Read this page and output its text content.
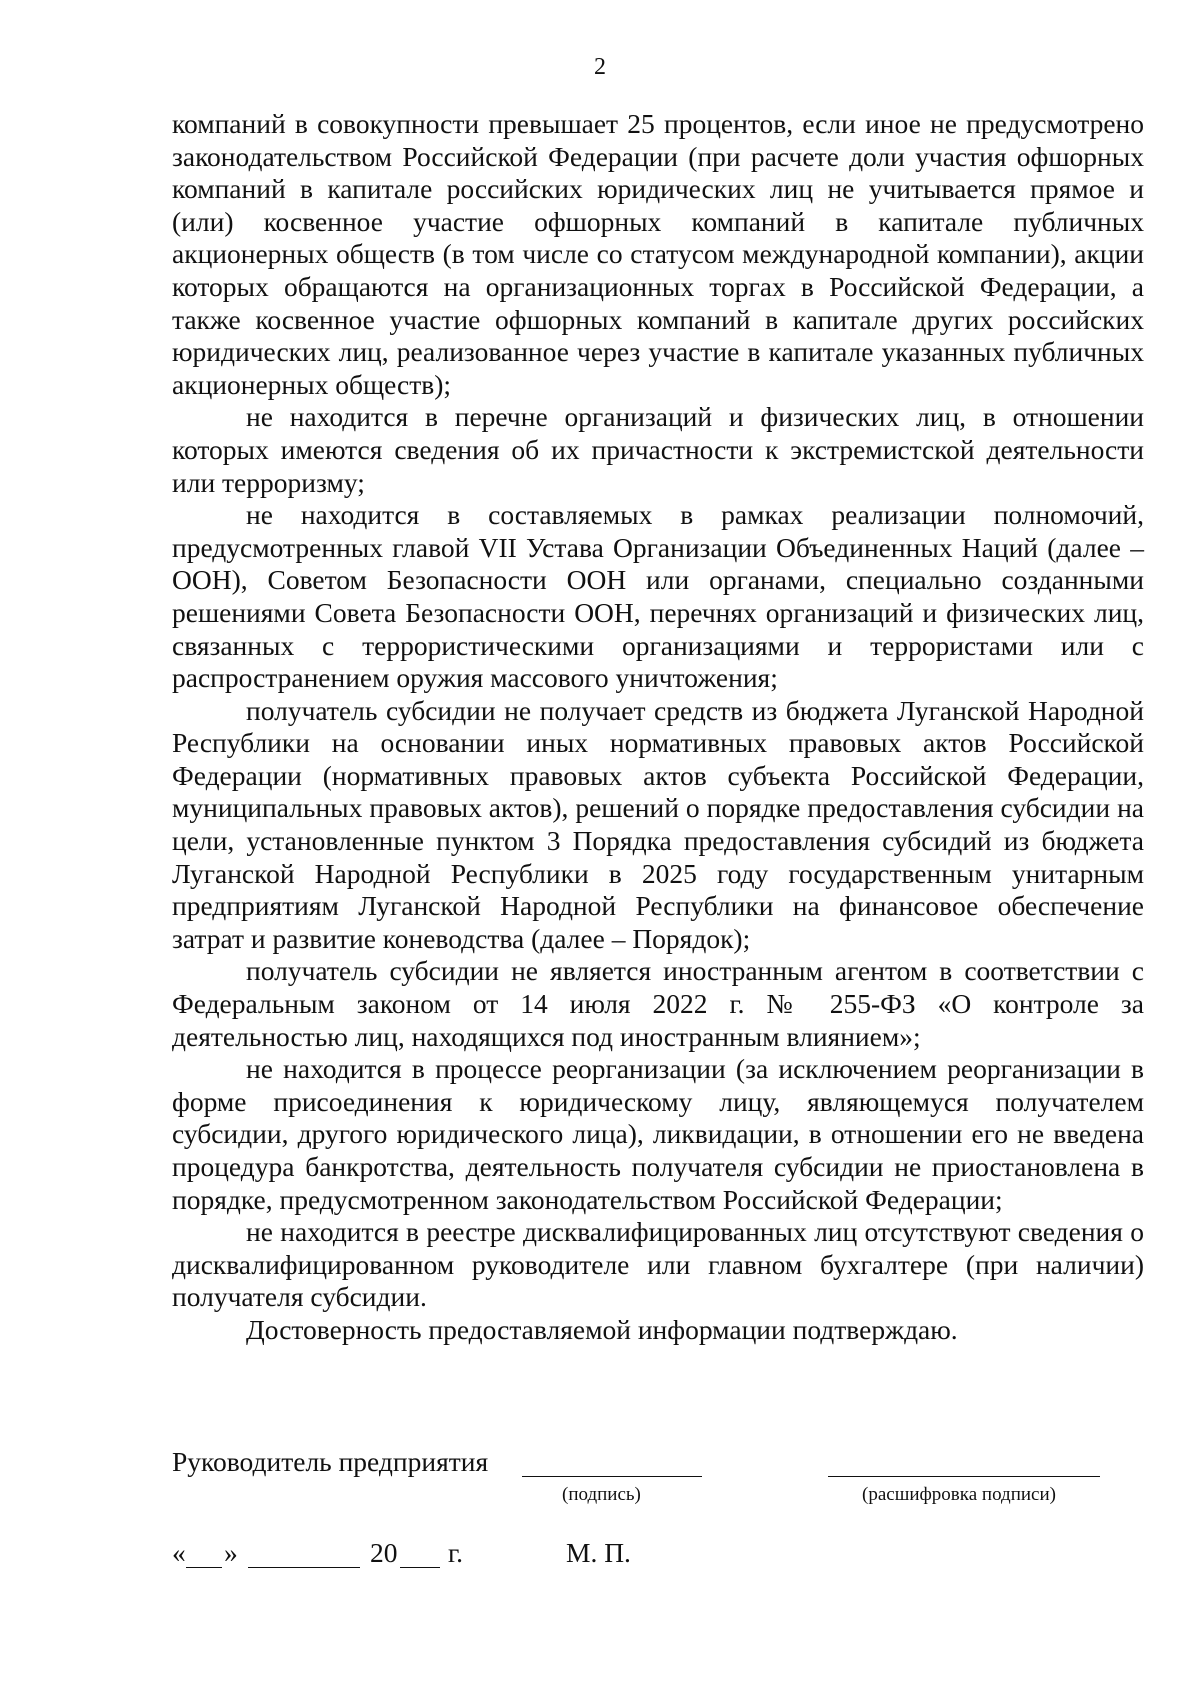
2

компаний в совокупности превышает 25 процентов, если иное не предусмотрено законодательством Российской Федерации (при расчете доли участия офшорных компаний в капитале российских юридических лиц не учитывается прямое и (или) косвенное участие офшорных компаний в капитале публичных акционерных обществ (в том числе со статусом международной компании), акции которых обращаются на организационных торгах в Российской Федерации, а также косвенное участие офшорных компаний в капитале других российских юридических лиц, реализованное через участие в капитале указанных публичных акционерных обществ);

не находится в перечне организаций и физических лиц, в отношении которых имеются сведения об их причастности к экстремистской деятельности или терроризму;

не находится в составляемых в рамках реализации полномочий, предусмотренных главой VII Устава Организации Объединенных Наций (далее – ООН), Советом Безопасности ООН или органами, специально созданными решениями Совета Безопасности ООН, перечнях организаций и физических лиц, связанных с террористическими организациями и террористами или с распространением оружия массового уничтожения;

получатель субсидии не получает средств из бюджета Луганской Народной Республики на основании иных нормативных правовых актов Российской Федерации (нормативных правовых актов субъекта Российской Федерации, муниципальных правовых актов), решений о порядке предоставления субсидии на цели, установленные пунктом 3 Порядка предоставления субсидий из бюджета Луганской Народной Республики в 2025 году государственным унитарным предприятиям Луганской Народной Республики на финансовое обеспечение затрат и развитие коневодства (далее – Порядок);

получатель субсидии не является иностранным агентом в соответствии с Федеральным законом от 14 июля 2022 г. № 255-ФЗ «О контроле за деятельностью лиц, находящихся под иностранным влиянием»;

не находится в процессе реорганизации (за исключением реорганизации в форме присоединения к юридическому лицу, являющемуся получателем субсидии, другого юридического лица), ликвидации, в отношении его не введена процедура банкротства, деятельность получателя субсидии не приостановлена в порядке, предусмотренном законодательством Российской Федерации;

не находится в реестре дисквалифицированных лиц отсутствуют сведения о дисквалифицированном руководителе или главном бухгалтере (при наличии) получателя субсидии.

Достоверность предоставляемой информации подтверждаю.

Руководитель предприятия
(подпись)	(расшифровка подписи)
« »	20 г.	М. П.
